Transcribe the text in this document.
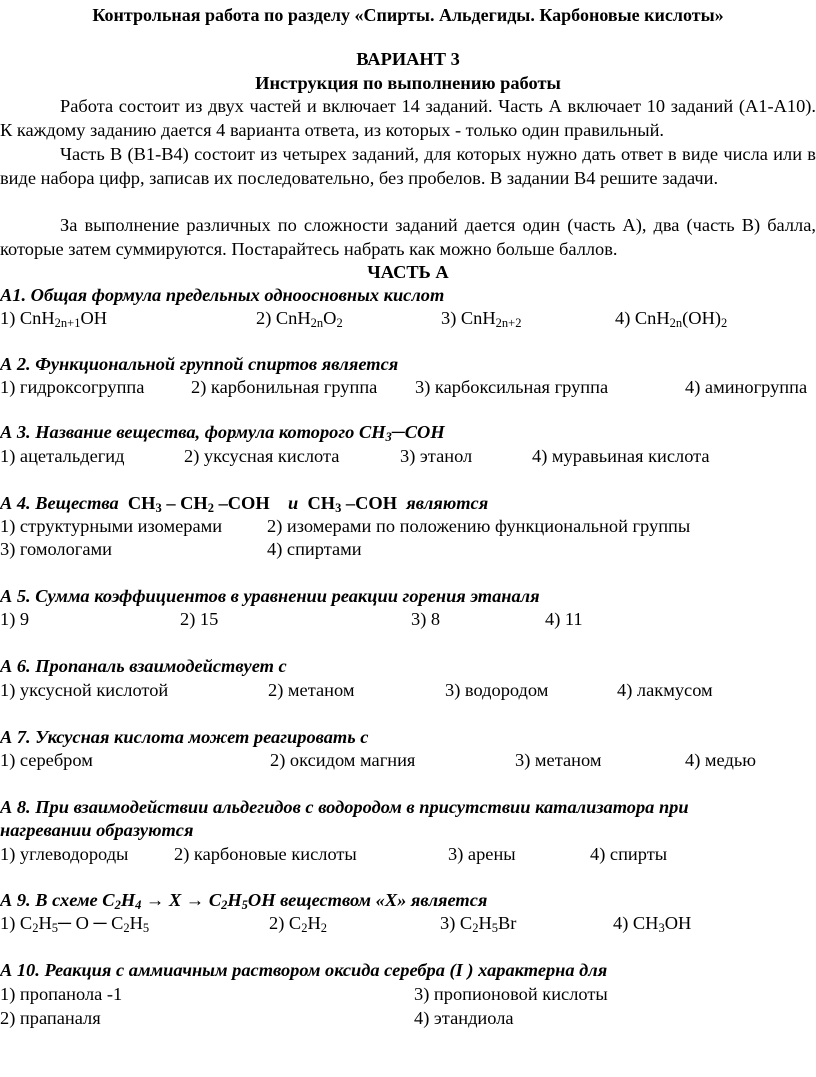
Контрольная работа по разделу «Спирты. Альдегиды. Карбоновые кислоты»
ВАРИАНТ 3
Инструкция по выполнению работы

Работа состоит из двух частей и включает 14 заданий. Часть А включает 10 заданий (А1-А10). К каждому заданию дается 4 варианта ответа, из которых - только один правильный.

Часть В (В1-В4) состоит из четырех заданий, для которых нужно дать ответ в виде числа или в виде набора цифр, записав их последовательно, без пробелов. В задании В4 решите задачи.

За выполнение различных по сложности заданий дается один (часть А), два (часть В) балла, которые затем суммируются. Постарайтесь набрать как можно больше баллов.

ЧАСТЬ А
А1. Общая формула предельных одноосновных кислот
1) CnH$_{2n+1}$OH	2) $CnH_{2n}O_2$	3) CnH$_{2n+2}$	4) $CnH_{2n}(OH)_2$
А 2. Функциональной группой спиртов является
1) гидроксогруппа	2) карбонильная группа 3) карбоксильная группа	4) аминогруппа
А 3. Название вещества, формула которого $CH_3─COH$
1) ацетальдегид	2) уксусная кислота	3) этанол	4) муравьиная кислота
А 4. Вещества $CH_3 - CH_2$ –COH и $CH_3$ –COH являются
1) структурными изомерами 2) изомерами по положению функциональной группы
3) гомологами	4) спиртами
А 5. Сумма коэффициентов в уравнении реакции горения этаналя
1) 9	2) 15	3) 8	4) 11
А 6. Пропаналь взаимодействует с
1) уксусной кислотой	2) метаном	3) водородом	4) лакмусом
А 7. Уксусная кислота может реагировать с
1) серебром	2) оксидом магния	3) метаном	4) медью
А 8. При взаимодействии альдегидов с водородом в присутствии катализатора при
нагревании образуются
1) углеводороды 2) карбоновые кислоты	3) арены	4) спирты
А 9. В схеме $C_2H_4 \to X \to C_2H_5OH$ веществом «X» является
1) $C_2H_5─$ O ─ $C_2H_5$	2) $C_2H_2$	3) $C_2H_5Br$	4) $CH_3OH$
А 10. Реакция с аммиачным раствором оксида серебра (I ) характерна для
1) пропанола -1	3) пропионовой кислоты
2) прапаналя	4) этандиола
